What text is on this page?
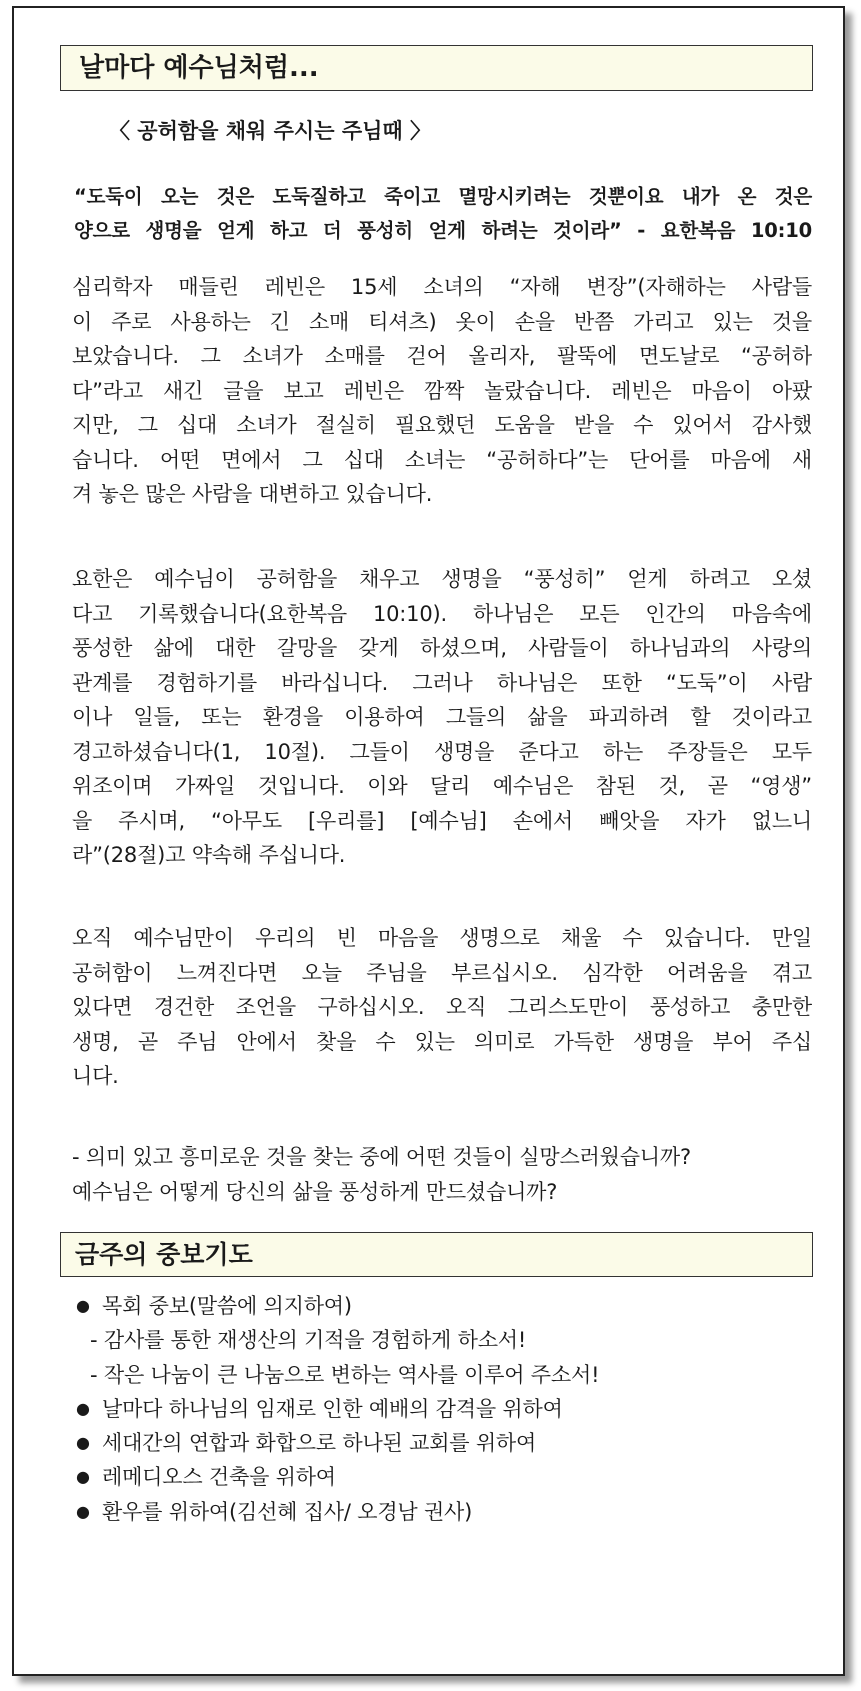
날마다 예수님처럼...
〈 공허함을 채워 주시는 주님때 〉
“도둑이 오는 것은 도둑질하고 죽이고 멸망시키려는 것뿐이요 내가 온 것은
양으로 생명을 얻게 하고 더 풍성히 얻게 하려는 것이라” - 요한복음 10:10
심리학자 매들린 레빈은 15세 소녀의 “자해 변장”(자해하는 사람들
이 주로 사용하는 긴 소매 티셔츠) 옷이 손을 반쯤 가리고 있는 것을
보았습니다. 그 소녀가 소매를 걷어 올리자, 팔뚝에 면도날로 “공허하
다”라고 새긴 글을 보고 레빈은 깜짝 놀랐습니다. 레빈은 마음이 아팠
지만, 그 십대 소녀가 절실히 필요했던 도움을 받을 수 있어서 감사했
습니다. 어떤 면에서 그 십대 소녀는 “공허하다”는 단어를 마음에 새
겨 놓은 많은 사람을 대변하고 있습니다.
요한은 예수님이 공허함을 채우고 생명을 “풍성히” 얻게 하려고 오셨
다고 기록했습니다(요한복음 10:10). 하나님은 모든 인간의 마음속에
풍성한 삶에 대한 갈망을 갖게 하셨으며, 사람들이 하나님과의 사랑의
관계를 경험하기를 바라십니다. 그러나 하나님은 또한 “도둑”이 사람
이나 일들, 또는 환경을 이용하여 그들의 삶을 파괴하려 할 것이라고
경고하셨습니다(1, 10절). 그들이 생명을 준다고 하는 주장들은 모두
위조이며 가짜일 것입니다. 이와 달리 예수님은 참된 것, 곧 “영생”
을 주시며, “아무도 [우리를] [예수님] 손에서 빼앗을 자가 없느니
라”(28절)고 약속해 주십니다.
오직 예수님만이 우리의 빈 마음을 생명으로 채울 수 있습니다. 만일
공허함이 느껴진다면 오늘 주님을 부르십시오. 심각한 어려움을 겪고
있다면 경건한 조언을 구하십시오. 오직 그리스도만이 풍성하고 충만한
생명, 곧 주님 안에서 찾을 수 있는 의미로 가득한 생명을 부어 주십
니다.
- 의미 있고 흥미로운 것을 찾는 중에 어떤 것들이 실망스러웠습니까?
예수님은 어떻게 당신의 삶을 풍성하게 만드셨습니까?
금주의 중보기도
● 목회 중보(말씀에 의지하여)
- 감사를 통한 재생산의 기적을 경험하게 하소서!
- 작은 나눔이 큰 나눔으로 변하는 역사를 이루어 주소서!
● 날마다 하나님의 임재로 인한 예배의 감격을 위하여
● 세대간의 연합과 화합으로 하나된 교회를 위하여
● 레메디오스 건축을 위하여
● 환우를 위하여(김선혜 집사/ 오경남 권사)
